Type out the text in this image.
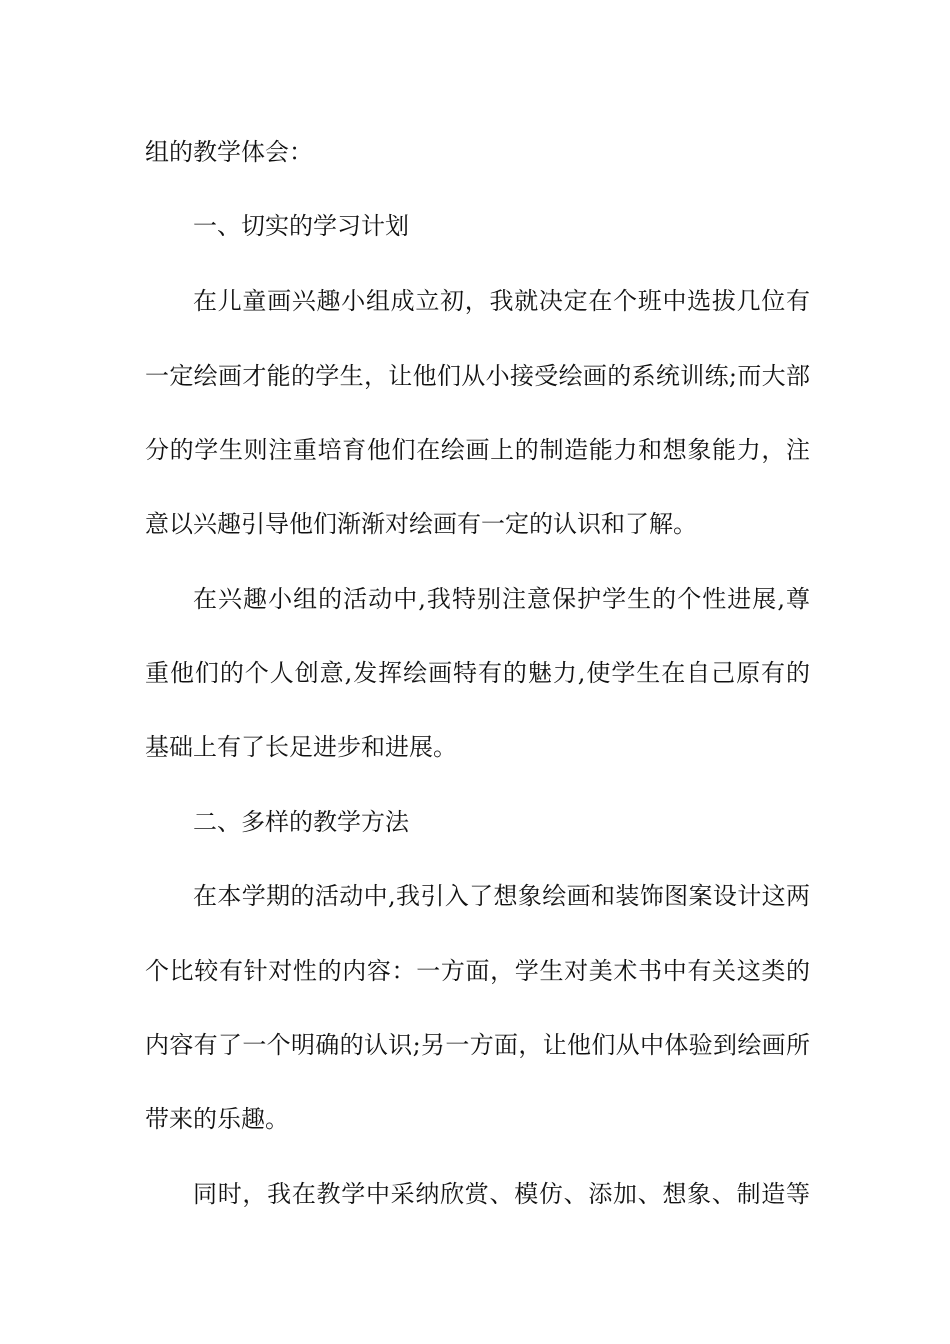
组的教学体会：
一、切实的学习计划
在儿童画兴趣小组成立初，我就决定在个班中选拔几位有
一定绘画才能的学生，让他们从小接受绘画的系统训练;而大部
分的学生则注重培育他们在绘画上的制造能力和想象能力，注
意以兴趣引导他们渐渐对绘画有一定的认识和了解。
在兴趣小组的活动中,我特别注意保护学生的个性进展,尊
重他们的个人创意,发挥绘画特有的魅力,使学生在自己原有的
基础上有了长足进步和进展。
二、多样的教学方法
在本学期的活动中,我引入了想象绘画和装饰图案设计这两
个比较有针对性的内容：一方面，学生对美术书中有关这类的
内容有了一个明确的认识;另一方面，让他们从中体验到绘画所
带来的乐趣。
同时，我在教学中采纳欣赏、模仿、添加、想象、制造等
